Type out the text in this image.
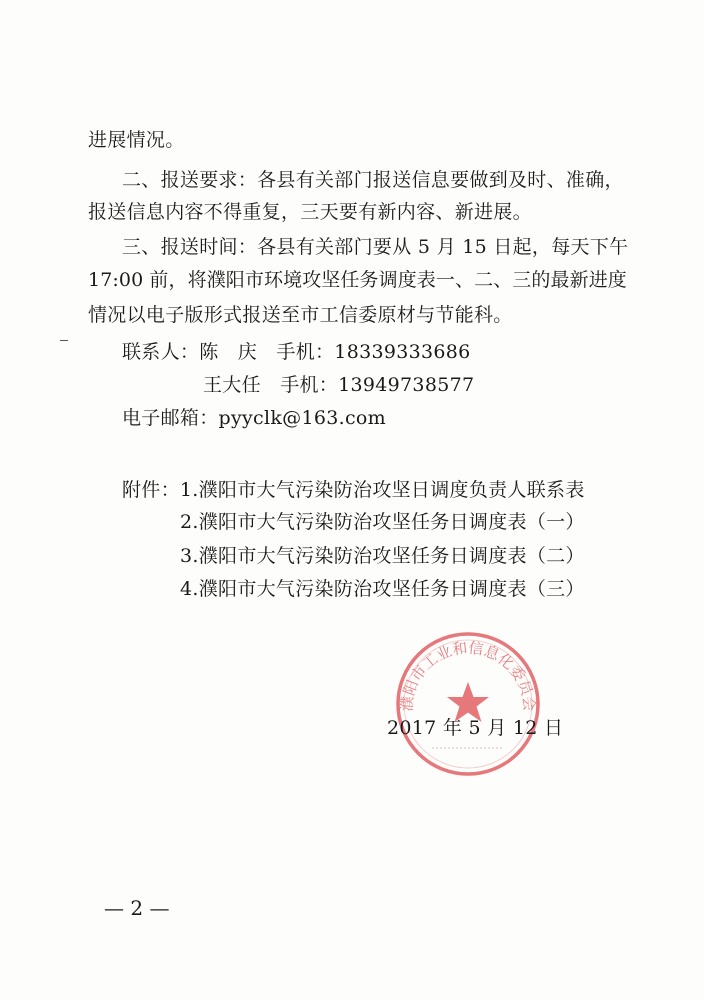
进展情况。
二、报送要求：各县有关部门报送信息要做到及时、准确，
报送信息内容不得重复，三天要有新内容、新进展。
三、报送时间：各县有关部门要从 5 月 15 日起，每天下午
17:00 前，将濮阳市环境攻坚任务调度表一、二、三的最新进度
情况以电子版形式报送至市工信委原材与节能科。
联系人：陈　庆　手机：18339333686
王大任　手机：13949738577
电子邮箱：pyyclk@163.com
附件：1.濮阳市大气污染防治攻坚日调度负责人联系表
2.濮阳市大气污染防治攻坚任务日调度表（一）
3.濮阳市大气污染防治攻坚任务日调度表（二）
4.濮阳市大气污染防治攻坚任务日调度表（三）
濮阳市工业和信息化委员会
2017 年 5 月 12 日
— 2 —
